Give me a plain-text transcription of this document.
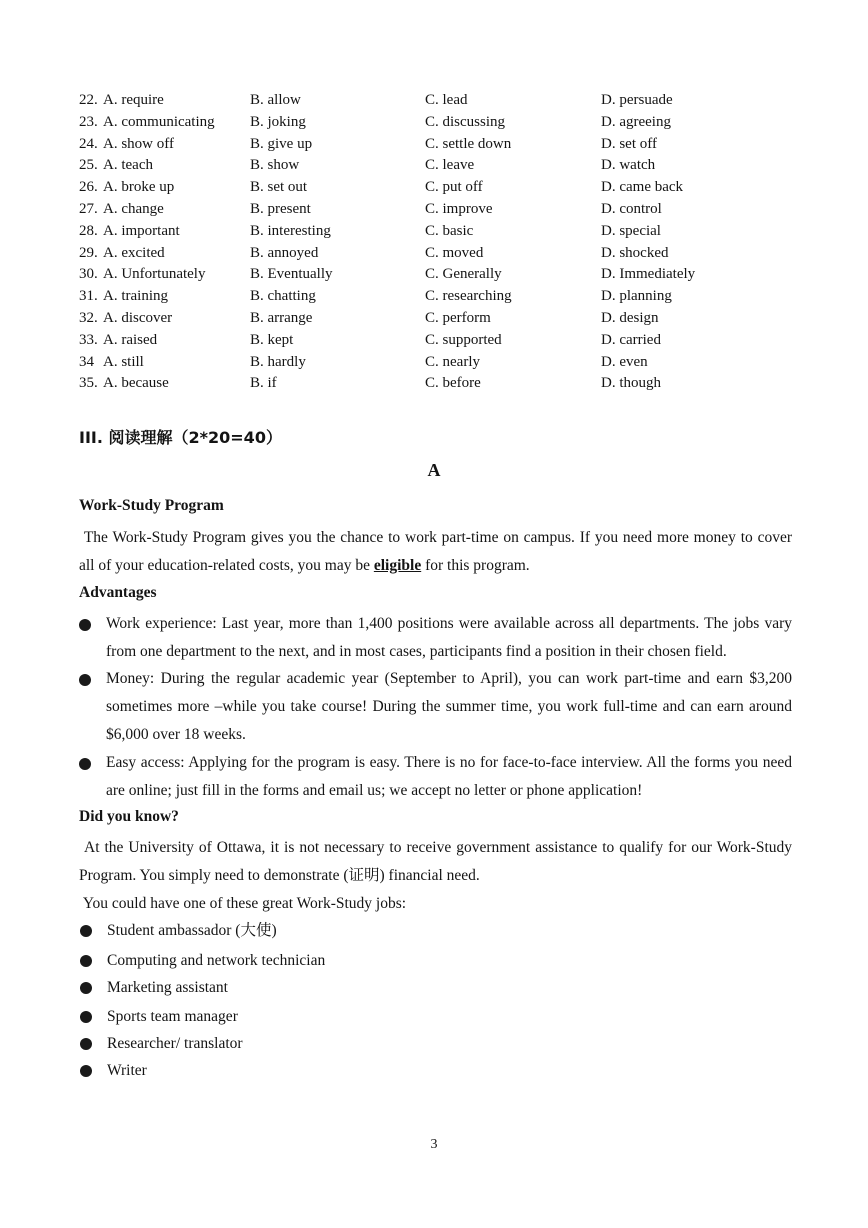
22. A. require	B. allow	C. lead	D. persuade
23. A. communicating B. joking	C. discussing	D. agreeing
24. A. show off	B. give up	C. settle down	D. set off
25. A. teach	B. show	C. leave	D. watch
26. A. broke up	B. set out	C. put off	D. came back
27. A. change	B. present	C. improve	D. control
28. A. important	B. interesting	C. basic	D. special
29. A. excited	B. annoyed	C. moved	D. shocked
30. A. Unfortunately	B. Eventually	C. Generally	D. Immediately
31. A. training	B. chatting	C. researching	D. planning
32. A. discover	B. arrange	C. perform	D. design
33. A. raised	B. kept	C. supported	D. carried
34 A. still	B. hardly	C. nearly	D. even
35. A. because	B. if	C. before	D. though
III. 阅读理解（2*20=40）
A
Work-Study Program
The Work-Study Program gives you the chance to work part-time on campus. If you need more money to cover all of your education-related costs, you may be eligible for this program.
Advantages
Work experience: Last year, more than 1,400 positions were available across all departments. The jobs vary from one department to the next, and in most cases, participants find a position in their chosen field.
Money: During the regular academic year (September to April), you can work part-time and earn $3,200 sometimes more –while you take course! During the summer time, you work full-time and can earn around $6,000 over 18 weeks.
Easy access: Applying for the program is easy. There is no for face-to-face interview. All the forms you need are online; just fill in the forms and email us; we accept no letter or phone application!
Did you know?
At the University of Ottawa, it is not necessary to receive government assistance to qualify for our Work-Study Program. You simply need to demonstrate (证明) financial need.
You could have one of these great Work-Study jobs:
Student ambassador (大使)
Computing and network technician
Marketing assistant
Sports team manager
Researcher/ translator
Writer
3
